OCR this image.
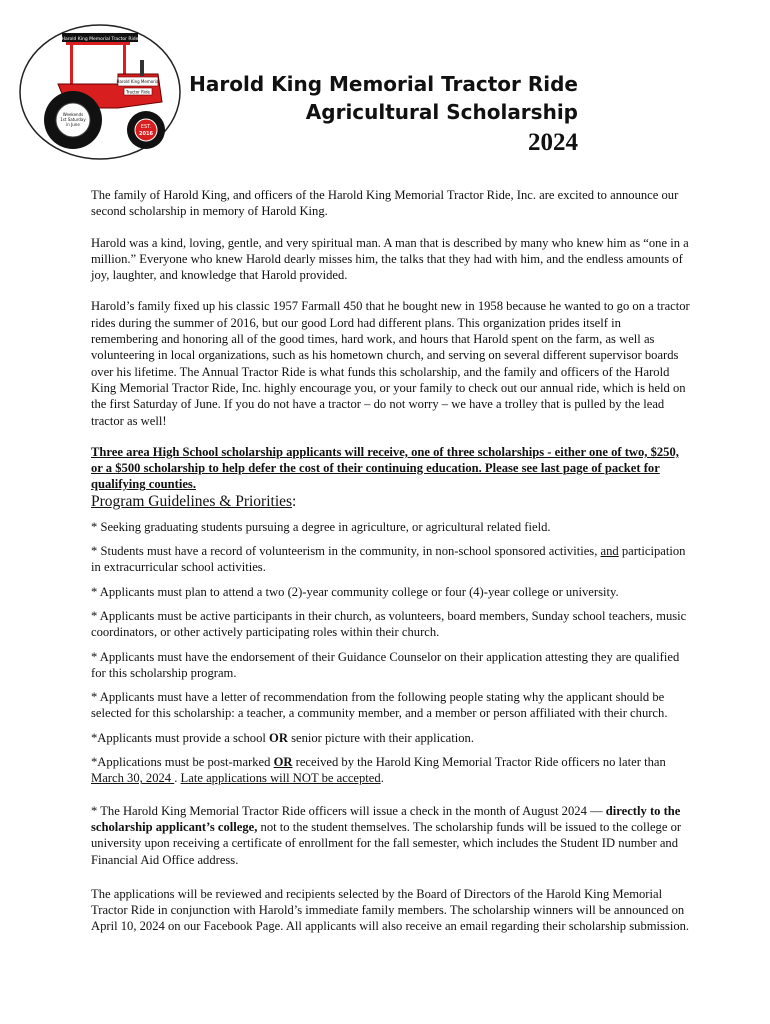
Harold King Memorial Tractor Ride
Harold King Memorial
Tractor Ride
Weekends
1st Saturday
in June	EST.
2016
Harold King Memorial Tractor Ride
Agricultural Scholarship
2024

The family of Harold King, and officers of the Harold King Memorial Tractor Ride, Inc. are excited to announce our second scholarship in memory of Harold King.

Harold was a kind, loving, gentle, and very spiritual man. A man that is described by many who knew him as “one in a million.” Everyone who knew Harold dearly misses him, the talks that they had with him, and the endless amounts of joy, laughter, and knowledge that Harold provided.

Harold’s family fixed up his classic 1957 Farmall 450 that he bought new in 1958 because he wanted to go on a tractor rides during the summer of 2016, but our good Lord had different plans. This organization prides itself in remembering and honoring all of the good times, hard work, and hours that Harold spent on the farm, as well as volunteering in local organizations, such as his hometown church, and serving on several different supervisor boards over his lifetime. The Annual Tractor Ride is what funds this scholarship, and the family and officers of the Harold King Memorial Tractor Ride, Inc. highly encourage you, or your family to check out our annual ride, which is held on the first Saturday of June. If you do not have a tractor – do not worry – we have a trolley that is pulled by the lead tractor as well!

Three area High School scholarship applicants will receive, one of three scholarships - either one of two, $250, or a $500 scholarship to help defer the cost of their continuing education. Please see last page of packet for qualifying counties.

Program Guidelines & Priorities:

* Seeking graduating students pursuing a degree in agriculture, or agricultural related field.

* Students must have a record of volunteerism in the community, in non-school sponsored activities, and participation in extracurricular school activities.

* Applicants must plan to attend a two (2)-year community college or four (4)-year college or university.

* Applicants must be active participants in their church, as volunteers, board members, Sunday school teachers, music coordinators, or other actively participating roles within their church.

* Applicants must have the endorsement of their Guidance Counselor on their application attesting they are qualified for this scholarship program.

* Applicants must have a letter of recommendation from the following people stating why the applicant should be selected for this scholarship: a teacher, a community member, and a member or person affiliated with their church.

*Applicants must provide a school OR senior picture with their application.

*Applications must be post-marked OR received by the Harold King Memorial Tractor Ride officers no later than March 30, 2024 . Late applications will NOT be accepted.

* The Harold King Memorial Tractor Ride officers will issue a check in the month of August 2024 — directly to the scholarship applicant’s college, not to the student themselves. The scholarship funds will be issued to the college or university upon receiving a certificate of enrollment for the fall semester, which includes the Student ID number and Financial Aid Office address.

The applications will be reviewed and recipients selected by the Board of Directors of the Harold King Memorial Tractor Ride in conjunction with Harold’s immediate family members. The scholarship winners will be announced on April 10, 2024 on our Facebook Page. All applicants will also receive an email regarding their scholarship submission.
